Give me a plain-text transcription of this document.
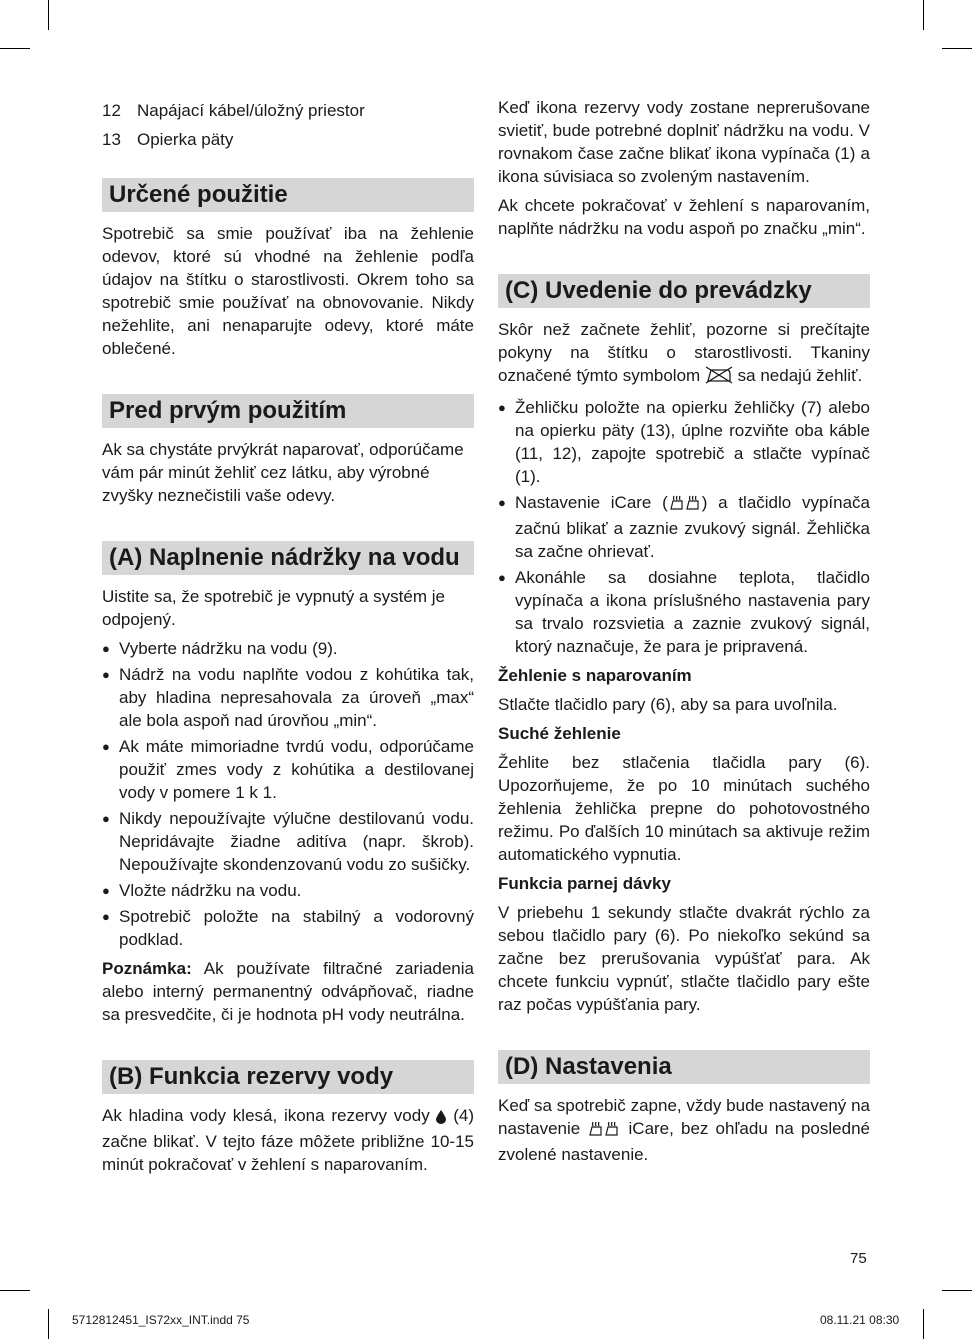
12 Napájací kábel/úložný priestor
13 Opierka päty
Určené použitie

Spotrebič sa smie používať iba na žehlenie odevov, ktoré sú vhodné na žehlenie podľa údajov na štítku o starostlivosti. Okrem toho sa spotrebič smie používať na obnovovanie. Nikdy nežehlite, ani nenaparujte odevy, ktoré máte oblečené.

Pred prvým použitím

Ak sa chystáte prvýkrát naparovať, odporúčame vám pár minút žehliť cez látku, aby výrobné zvyšky neznečistili vaše odevy.

(A) Naplnenie nádržky na vodu

Uistite sa, že spotrebič je vypnutý a systém je odpojený.

● Vyberte nádržku na vodu (9).
● Nádrž na vodu naplňte vodou z kohútika tak, aby hladina nepresahovala za úroveň „max“ ale bola aspoň nad úrovňou „min“.
● Ak máte mimoriadne tvrdú vodu, odporúčame použiť zmes vody z kohútika a destilovanej vody v pomere 1 k 1.
● Nikdy nepoužívajte výlučne destilovanú vodu. Nepridávajte žiadne aditíva (napr. škrob). Nepoužívajte skondenzovanú vodu zo sušičky.
● Vložte nádržku na vodu.
● Spotrebič položte na stabilný a vodorovný podklad.

Poznámka: Ak používate filtračné zariadenia alebo interný permanentný odvápňovač, riadne sa presvedčite, či je hodnota pH vody neutrálna.

(B) Funkcia rezervy vody

Ak hladina vody klesá, ikona rezervy vody (4) začne blikať. V tejto fáze môžete približne 10-15 minút pokračovať v žehlení s naparovaním.

Keď ikona rezervy vody zostane neprerušovane svietiť, bude potrebné doplniť nádržku na vodu. V rovnakom čase začne blikať ikona vypínača (1) a ikona súvisiaca so zvoleným nastavením.

Ak chcete pokračovať v žehlení s naparovaním, naplňte nádržku na vodu aspoň po značku „min“.

(C) Uvedenie do prevádzky

Skôr než začnete žehliť, pozorne si prečítajte pokyny na štítku o starostlivosti. Tkaniny označené týmto symbolom sa nedajú žehliť.

● Žehličku položte na opierku žehličky (7) alebo na opierku päty (13), úplne rozviňte oba káble (11, 12), zapojte spotrebič a stlačte vypínač (1).
● Nastavenie iCare ( ) a tlačidlo vypínača začnú blikať a zaznie zvukový signál. Žehlička sa začne ohrievať.
● Akonáhle sa dosiahne teplota, tlačidlo vypínača a ikona príslušného nastavenia pary sa trvalo rozsvietia a zaznie zvukový signál, ktorý naznačuje, že para je pripravená.
Žehlenie s naparovaním

Stlačte tlačidlo pary (6), aby sa para uvoľnila.

Suché žehlenie

Žehlite bez stlačenia tlačidla pary (6). Upozorňujeme, že po 10 minútach suchého žehlenia žehlička prepne do pohotovostného režimu. Po ďalších 10 minútach sa aktivuje režim automatického vypnutia.

Funkcia parnej dávky

V priebehu 1 sekundy stlačte dvakrát rýchlo za sebou tlačidlo pary (6). Po niekoľko sekúnd sa začne bez prerušovania vypúšťať para. Ak chcete funkciu vypnúť, stlačte tlačidlo pary ešte raz počas vypúšťania pary.

(D) Nastavenia

Keď sa spotrebič zapne, vždy bude nastavený na nastavenie	iCare, bez ohľadu na posledné zvolené nastavenie.

75
5712812451_IS72xx_INT.indd 75	08.11.21 08:30
